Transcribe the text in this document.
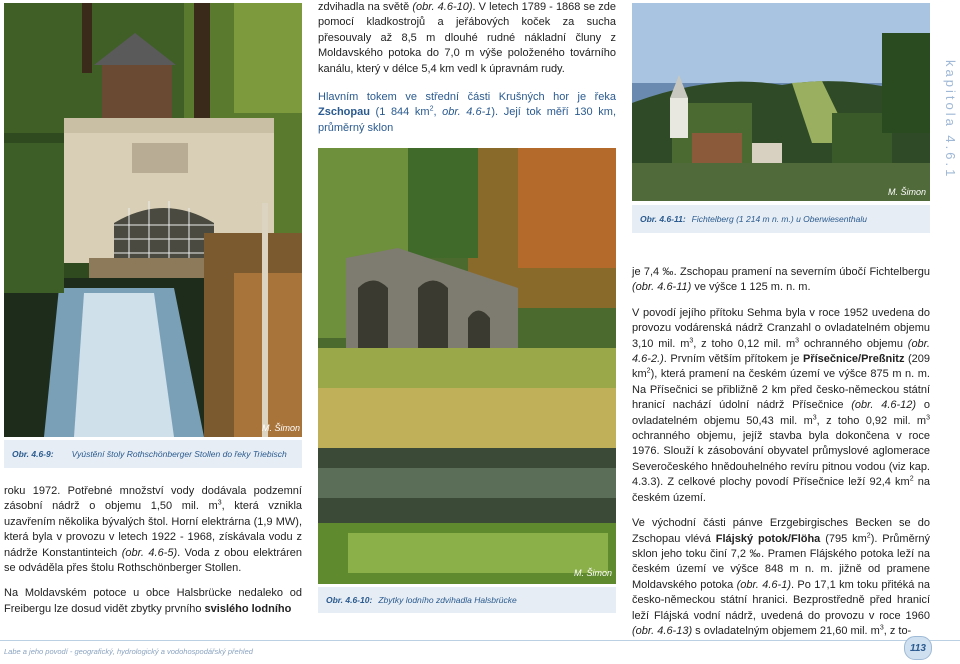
M. Šimon
Obr. 4.6-9: Vyústění štoly Rothschönberger Stollen do řeky Triebisch

roku 1972. Potřebné množství vody dodávala podzemní zásobní nádrž o objemu 1,50 mil. $m^3$, která vznikla uzavřením několika bývalých štol. Horní elektrárna (1,9 MW), která byla v provozu v letech 1922 - 1968, získávala vodu z nádrže Konstantinteich (obr. 4.6-5). Voda z obou elektráren se odváděla přes štolu Rothschönberger Stollen.

Na Moldavském potoce u obce Halsbrücke nedaleko od Freibergu lze dosud vidět zbytky prvního svislého lodního

zdvihadla na světě (obr. 4.6-10). V letech 1789 - 1868 se zde pomocí kladkostrojů a jeřábových koček za sucha přesouvaly až 8,5 m dlouhé rudné nákladní čluny z Moldavského potoka do 7,0 m výše položeného továrního kanálu, který v délce 5,4 km vedl k úpravnám rudy.

Hlavním tokem ve střední části Krušných hor je řeka Zschopau (1 844 $km^2$, obr. 4.6-1). Její tok měří 130 km, průměrný sklon

M. Šimon
Obr. 4.6-10: Zbytky lodního zdvihadla Halsbrücke
M. Šimon
Obr. 4.6-11: Fichtelberg (1 214 m n. m.) u Oberwiesenthalu

je 7,4 ‰. Zschopau pramení na severním úbočí Fichtelbergu (obr. 4.6-11) ve výšce 1 125 m. n. m.

V povodí jejího přítoku Sehma byla v roce 1952 uvedena do provozu vodárenská nádrž Cranzahl o ovladatelném objemu 3,10 mil. $m^3$, z toho 0,12 mil. $m^3$ ochranného objemu (obr. 4.6-2.). Prvním větším přítokem je Přísečnice/Preßnitz (209 $km^2$), která pramení na českém území ve výšce 875 m n. m. Na Přísečnici se přibližně 2 km před česko-německou státní hranicí nachází údolní nádrž Přísečnice (obr. 4.6-12) o ovladatelném objemu 50,43 mil. $m^3$, z toho 0,92 mil. $m^3$ ochranného objemu, jejíž stavba byla dokončena v roce 1976. Slouží k zásobování obyvatel průmyslové aglomerace Severočeského hnědouhelného revíru pitnou vodou (viz kap. 4.3.3). Z celkové plochy povodí Přísečnice leží 92,4 $km^2$ na českém území.

Ve východní části pánve Erzgebirgisches Becken se do Zschopau vlévá Flájský potok/Flöha (795 $km^2$). Průměrný sklon jeho toku činí 7,2 ‰. Pramen Flájského potoka leží na českém území ve výšce 848 m n. m. jižně od pramene Moldavského potoka (obr. 4.6-1). Po 17,1 km toku přitéká na česko-německou státní hranici. Bezprostředně před hranicí leží Flájská vodní nádrž, uvedená do provozu v roce 1960 (obr. 4.6-13) s ovladatelným objemem 21,60 mil. $m^3$, z to-

kapitola 4.6.1
Labe a jeho povodí - geografický, hydrologický a vodohospodářský přehled	113
